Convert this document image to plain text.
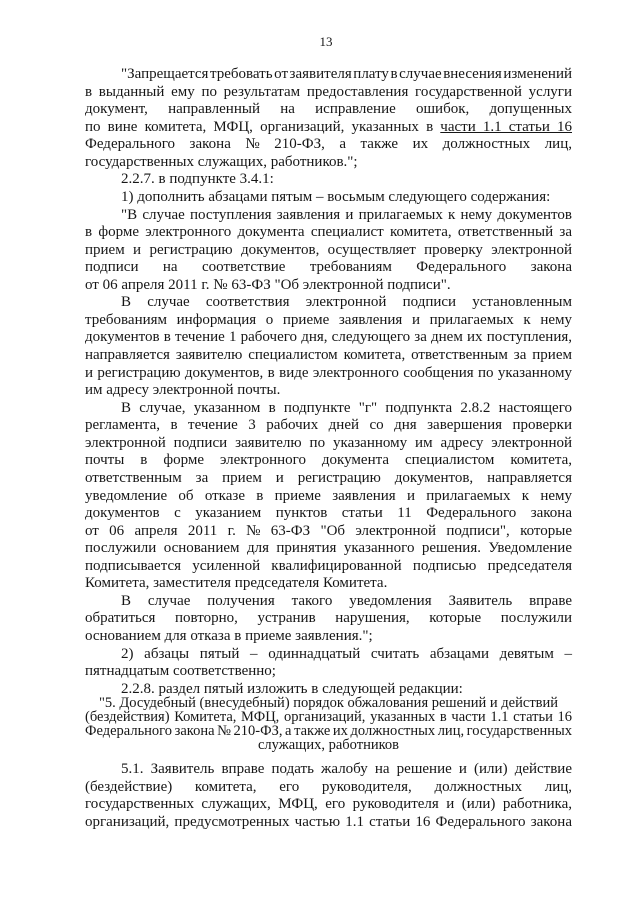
13
"Запрещается требовать от заявителя плату в случае внесения изменений
в выданный ему по результатам предоставления государственной услуги
документ, направленный на исправление ошибок, допущенных
по вине комитета, МФЦ, организаций, указанных в части 1.1 статьи 16
Федерального закона № 210-ФЗ, а также их должностных лиц,
государственных служащих, работников.";
2.2.7. в подпункте 3.4.1:
1) дополнить абзацами пятым – восьмым следующего содержания:
"В случае поступления заявления и прилагаемых к нему документов
в форме электронного документа специалист комитета, ответственный за
прием и регистрацию документов, осуществляет проверку электронной
подписи на соответствие требованиям Федерального закона
от 06 апреля 2011 г. № 63-ФЗ "Об электронной подписи".
В случае соответствия электронной подписи установленным
требованиям информация о приеме заявления и прилагаемых к нему
документов в течение 1 рабочего дня, следующего за днем их поступления,
направляется заявителю специалистом комитета, ответственным за прием
и регистрацию документов, в виде электронного сообщения по указанному
им адресу электронной почты.
В случае, указанном в подпункте "г" подпункта 2.8.2 настоящего
регламента, в течение 3 рабочих дней со дня завершения проверки
электронной подписи заявителю по указанному им адресу электронной
почты в форме электронного документа специалистом комитета,
ответственным за прием и регистрацию документов, направляется
уведомление об отказе в приеме заявления и прилагаемых к нему
документов с указанием пунктов статьи 11 Федерального закона
от 06 апреля 2011 г. № 63-ФЗ "Об электронной подписи", которые
послужили основанием для принятия указанного решения. Уведомление
подписывается усиленной квалифицированной подписью председателя
Комитета, заместителя председателя Комитета.
В случае получения такого уведомления Заявитель вправе
обратиться повторно, устранив нарушения, которые послужили
основанием для отказа в приеме заявления.";
2) абзацы пятый – одиннадцатый считать абзацами девятым –
пятнадцатым соответственно;
2.2.8. раздел пятый изложить в следующей редакции:
"5. Досудебный (внесудебный) порядок обжалования решений и действий
(бездействия) Комитета, МФЦ, организаций, указанных в части 1.1 статьи 16
Федерального закона № 210-ФЗ, а также их должностных лиц, государственных
служащих, работников
5.1. Заявитель вправе подать жалобу на решение и (или) действие
(бездействие) комитета, его руководителя, должностных лиц,
государственных служащих, МФЦ, его руководителя и (или) работника,
организаций, предусмотренных частью 1.1 статьи 16 Федерального закона
